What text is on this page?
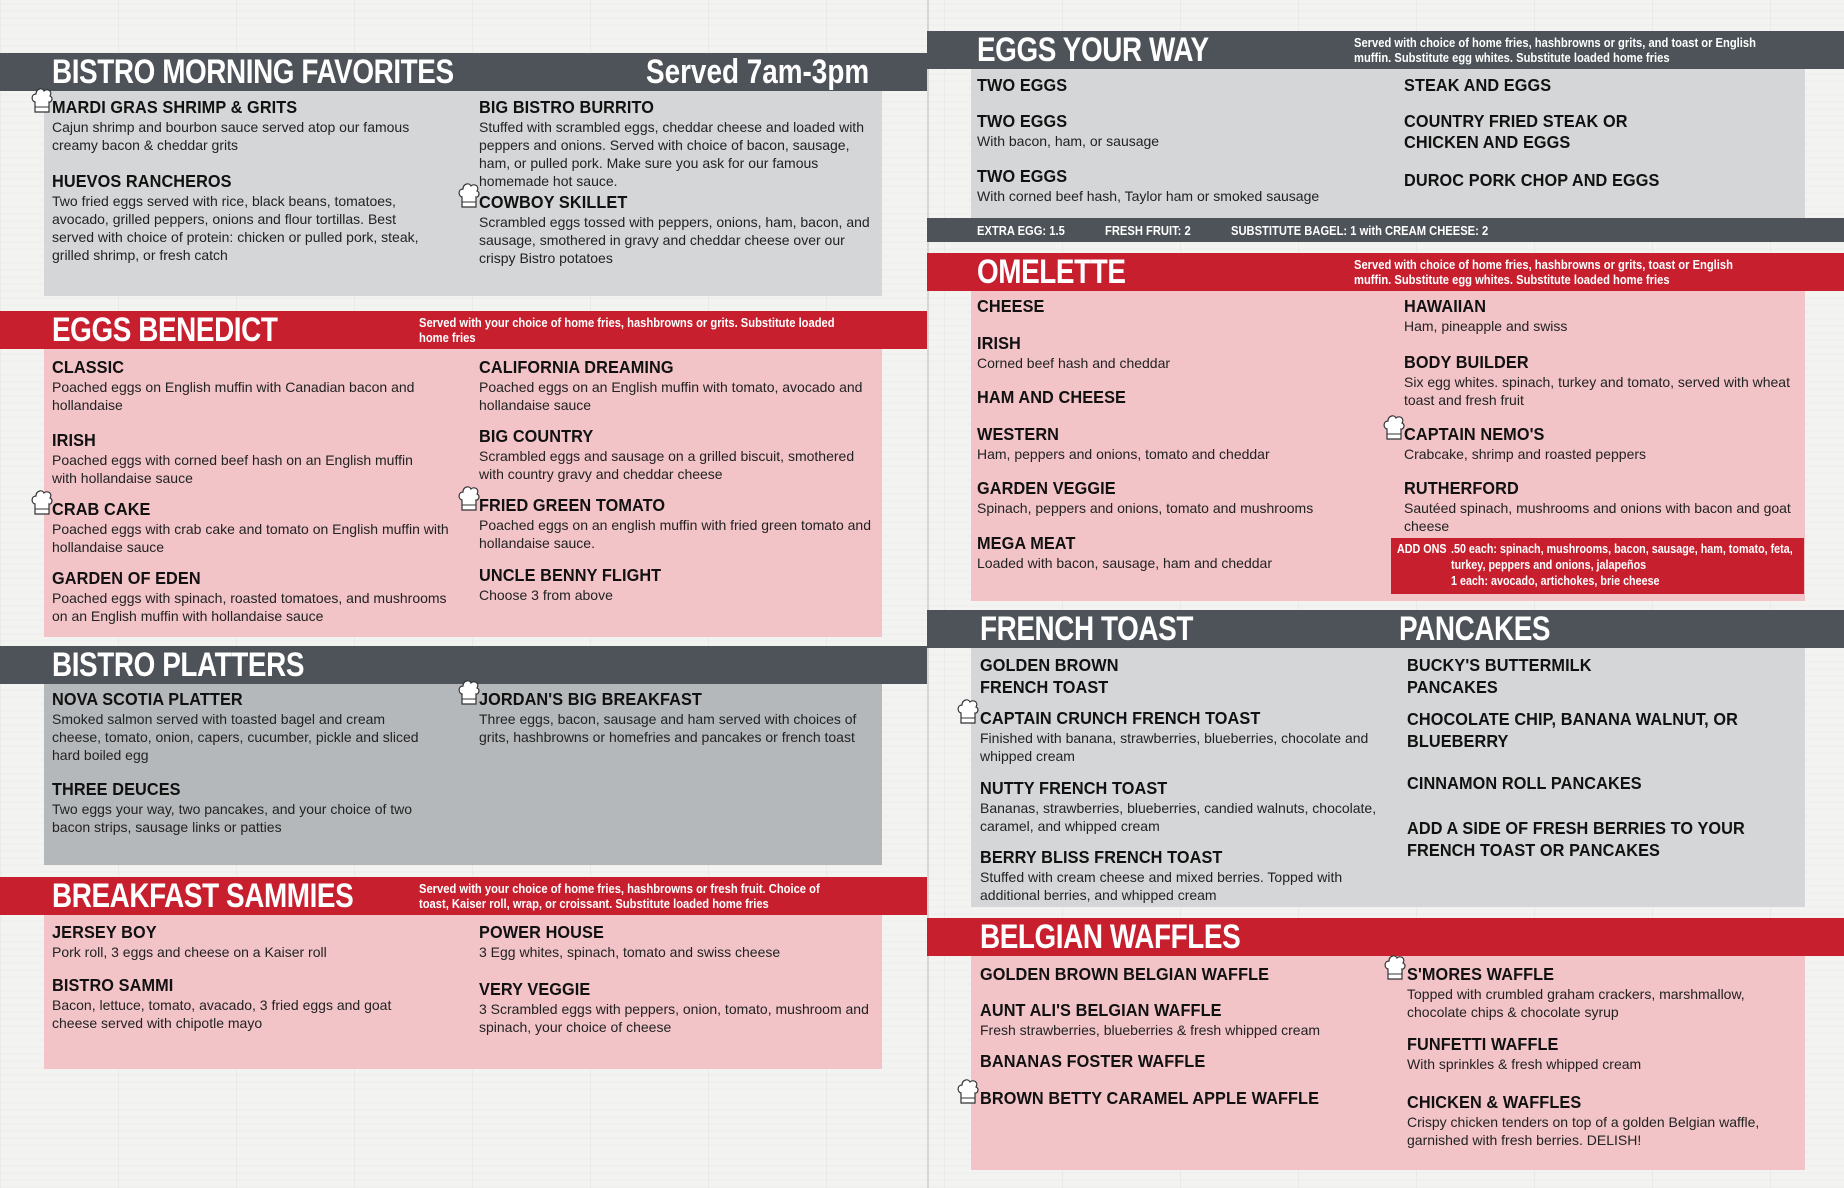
BISTRO MORNING FAVORITES	Served 7am-3pm
MARDI GRAS SHRIMP & GRITS
Cajun shrimp and bourbon sauce served atop our famous creamy bacon & cheddar grits
HUEVOS RANCHEROS
Two fried eggs served with rice, black beans, tomatoes, avocado, grilled peppers, onions and flour tortillas. Best served with choice of protein: chicken or pulled pork, steak, grilled shrimp, or fresh catch
BIG BISTRO BURRITO
Stuffed with scrambled eggs, cheddar cheese and loaded with peppers and onions. Served with choice of bacon, sausage, ham, or pulled pork. Make sure you ask for our famous homemade hot sauce.
COWBOY SKILLET
Scrambled eggs tossed with peppers, onions, ham, bacon, and sausage, smothered in gravy and cheddar cheese over our crispy Bistro potatoes
EGGS BENEDICT	Served with your choice of home fries, hashbrowns or grits. Substitute loaded home fries
CLASSIC
Poached eggs on English muffin with Canadian bacon and hollandaise
IRISH
Poached eggs with corned beef hash on an English muffin with hollandaise sauce
CRAB CAKE
Poached eggs with crab cake and tomato on English muffin with hollandaise sauce
GARDEN OF EDEN
Poached eggs with spinach, roasted tomatoes, and mushrooms on an English muffin with hollandaise sauce
CALIFORNIA DREAMING
Poached eggs on an English muffin with tomato, avocado and hollandaise sauce
BIG COUNTRY
Scrambled eggs and sausage on a grilled biscuit, smothered with country gravy and cheddar cheese
FRIED GREEN TOMATO
Poached eggs on an english muffin with fried green tomato and hollandaise sauce.
UNCLE BENNY FLIGHT
Choose 3 from above
BISTRO PLATTERS
NOVA SCOTIA PLATTER
Smoked salmon served with toasted bagel and cream cheese, tomato, onion, capers, cucumber, pickle and sliced hard boiled egg
THREE DEUCES
Two eggs your way, two pancakes, and your choice of two bacon strips, sausage links or patties
JORDAN'S BIG BREAKFAST
Three eggs, bacon, sausage and ham served with choices of grits, hashbrowns or homefries and pancakes or french toast
BREAKFAST SAMMIES	Served with your choice of home fries, hashbrowns or fresh fruit. Choice of toast, Kaiser roll, wrap, or croissant. Substitute loaded home fries
JERSEY BOY
Pork roll, 3 eggs and cheese on a Kaiser roll
BISTRO SAMMI
Bacon, lettuce, tomato, avacado, 3 fried eggs and goat cheese served with chipotle mayo
POWER HOUSE
3 Egg whites, spinach, tomato and swiss cheese
VERY VEGGIE
3 Scrambled eggs with peppers, onion, tomato, mushroom and spinach, your choice of cheese
EGGS YOUR WAY	Served with choice of home fries, hashbrowns or grits, and toast or English muffin. Substitute egg whites. Substitute loaded home fries
TWO EGGS
TWO EGGS
With bacon, ham, or sausage
TWO EGGS
With corned beef hash, Taylor ham or smoked sausage
STEAK AND EGGS
COUNTRY FRIED STEAK OR CHICKEN AND EGGS
DUROC PORK CHOP AND EGGS
EXTRA EGG: 1.5	FRESH FRUIT: 2	SUBSTITUTE BAGEL: 1 with CREAM CHEESE: 2
OMELETTE	Served with choice of home fries, hashbrowns or grits, toast or English muffin. Substitute egg whites. Substitute loaded home fries
CHEESE
IRISH
Corned beef hash and cheddar
HAM AND CHEESE
WESTERN
Ham, peppers and onions, tomato and cheddar
GARDEN VEGGIE
Spinach, peppers and onions, tomato and mushrooms
MEGA MEAT
Loaded with bacon, sausage, ham and cheddar
HAWAIIAN
Ham, pineapple and swiss
BODY BUILDER
Six egg whites. spinach, turkey and tomato, served with wheat toast and fresh fruit
CAPTAIN NEMO'S
Crabcake, shrimp and roasted peppers
RUTHERFORD
Sautéed spinach, mushrooms and onions with bacon and goat cheese
ADD ONS .50 each: spinach, mushrooms, bacon, sausage, ham, tomato, feta, turkey, peppers and onions, jalapeños
1 each: avocado, artichokes, brie cheese
FRENCH TOAST	PANCAKES
GOLDEN BROWN FRENCH TOAST
CAPTAIN CRUNCH FRENCH TOAST
Finished with banana, strawberries, blueberries, chocolate and whipped cream
NUTTY FRENCH TOAST
Bananas, strawberries, blueberries, candied walnuts, chocolate, caramel, and whipped cream
BERRY BLISS FRENCH TOAST
Stuffed with cream cheese and mixed berries. Topped with additional berries, and whipped cream
BUCKY'S BUTTERMILK PANCAKES
CHOCOLATE CHIP, BANANA WALNUT, OR BLUEBERRY
CINNAMON ROLL PANCAKES
ADD A SIDE OF FRESH BERRIES TO YOUR FRENCH TOAST OR PANCAKES
BELGIAN WAFFLES
GOLDEN BROWN BELGIAN WAFFLE
AUNT ALI'S BELGIAN WAFFLE
Fresh strawberries, blueberries & fresh whipped cream
BANANAS FOSTER WAFFLE
BROWN BETTY CARAMEL APPLE WAFFLE
S'MORES WAFFLE
Topped with crumbled graham crackers, marshmallow, chocolate chips & chocolate syrup
FUNFETTI WAFFLE
With sprinkles & fresh whipped cream
CHICKEN & WAFFLES
Crispy chicken tenders on top of a golden Belgian waffle, garnished with fresh berries. DELISH!
